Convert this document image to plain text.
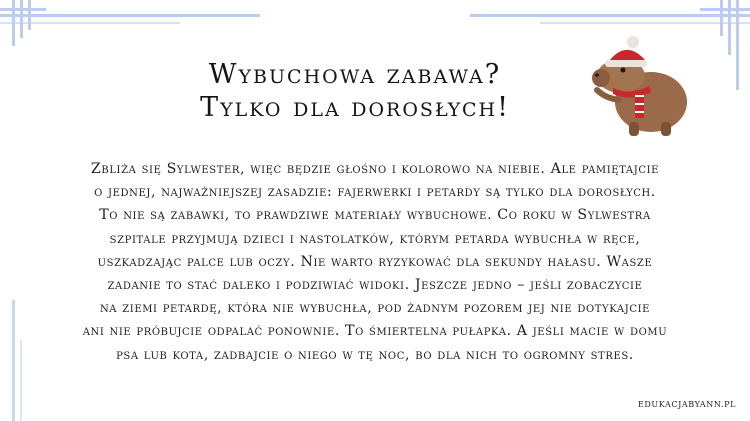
Wybuchowa zabawa?
Tylko dla dorosłych!
Zbliża się Sylwester, więc będzie głośno i kolorowo na niebie. Ale pamiętajcie
o jednej, najważniejszej zasadzie: fajerwerki i petardy są tylko dla dorosłych.
To nie są zabawki, to prawdziwe materiały wybuchowe. Co roku w Sylwestra
szpitale przyjmują dzieci i nastolatków, którym petarda wybuchła w ręce,
uszkadzając palce lub oczy. Nie warto ryzykować dla sekundy hałasu. Wasze
zadanie to stać daleko i podziwiać widoki. Jeszcze jedno – jeśli zobaczycie
na ziemi petardę, która nie wybuchła, pod żadnym pozorem jej nie dotykajcie
ani nie próbujcie odpalać ponownie. To śmiertelna pułapka. A jeśli macie w domu
psa lub kota, zadbajcie o niego w tę noc, bo dla nich to ogromny stres.
EDUKACJABYANN.PL
